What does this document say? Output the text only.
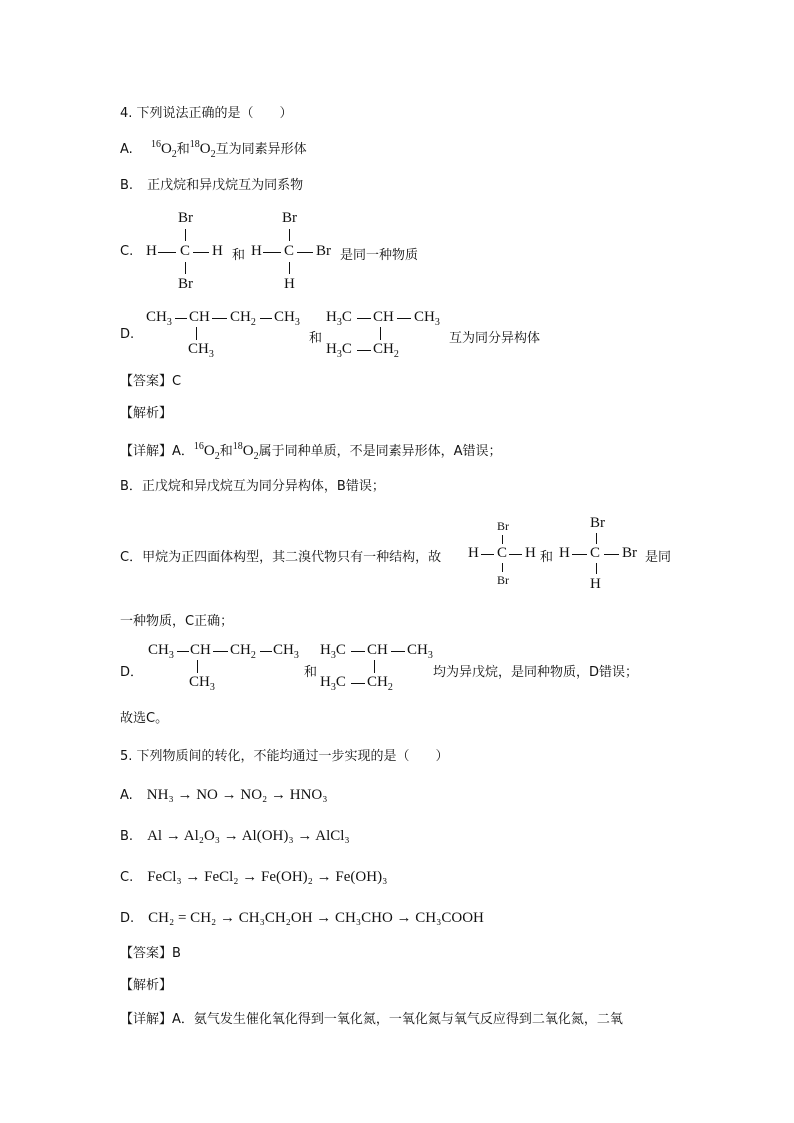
4. 下列说法正确的是（　　）
A. $^{16}O_2$和$^{18}O_2$互为同素异形体
B. 正戊烷和异戊烷互为同系物
C.
Br
H C H
Br
和
Br
H C Br
H
是同一种物质
D.
$CH_3$ CH $CH_2$ $CH_3$
$CH_3$
和
$H_3C$ CH $CH_3$
$H_3C$ $CH_2$
互为同分异构体
【答案】C
【解析】
【详解】A．$^{16}O_2$和$^{18}O_2$属于同种单质，不是同素异形体，A错误；
B．正戊烷和异戊烷互为同分异构体，B错误；
C．甲烷为正四面体构型，其二溴代物只有一种结构，故
Br
H C H
Br
和
Br
H C Br
H
是同
一种物质，C正确；
D．
$CH_3$ CH $CH_2$ $CH_3$
$CH_3$
和
$H_3C$ CH $CH_3$
$H_3C$ $CH_2$
均为异戊烷，是同种物质，D错误；
故选C。
5. 下列物质间的转化，不能均通过一步实现的是（　　）
A. NH₃ → NO → NO₂ → HNO₃
B. Al → Al₂O₃ → Al(OH)₃ → AlCl₃
C. FeCl₃ → FeCl₂ → Fe(OH)₂ → Fe(OH)₃
D. CH₂ = CH₂ → CH₃CH₂OH → CH₃CHO → CH₃COOH
【答案】B
【解析】
【详解】A．氨气发生催化氧化得到一氧化氮，一氧化氮与氧气反应得到二氧化氮，二氧
